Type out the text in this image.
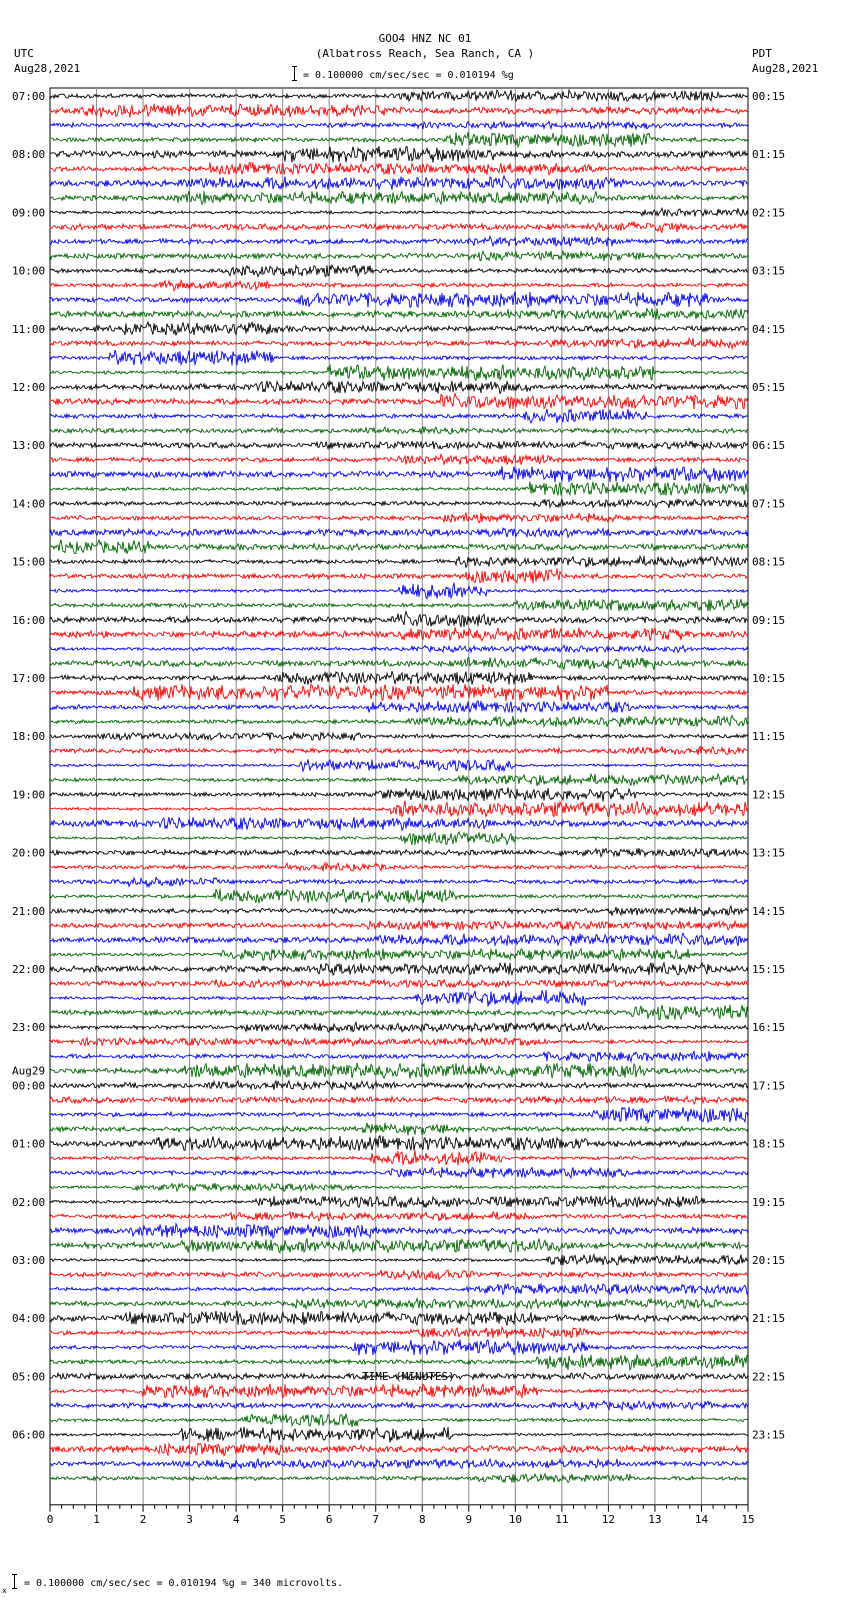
GOO4 HNZ NC 01
(Albatross Reach, Sea Ranch, CA )
UTC
Aug28,2021
PDT
Aug28,2021
= 0.100000 cm/sec/sec = 0.010194 %g
07:00
08:00
09:00
10:00
11:00
12:00
13:00
14:00
15:00
16:00
17:00
18:00
19:00
20:00
21:00
22:00
23:00
00:00
01:00
02:00
03:00
04:00
05:00
06:00
00:15
01:15
02:15
03:15
04:15
05:15
06:15
07:15
08:15
09:15
10:15
11:15
12:15
13:15
14:15
15:15
16:15
17:15
18:15
19:15
20:15
21:15
22:15
23:15
Aug29
0	1	2	3	4	5	6	7	8	9	10	11	12	13	14	15
TIME (MINUTES)
x
= 0.100000 cm/sec/sec = 0.010194 %g = 340 microvolts.
